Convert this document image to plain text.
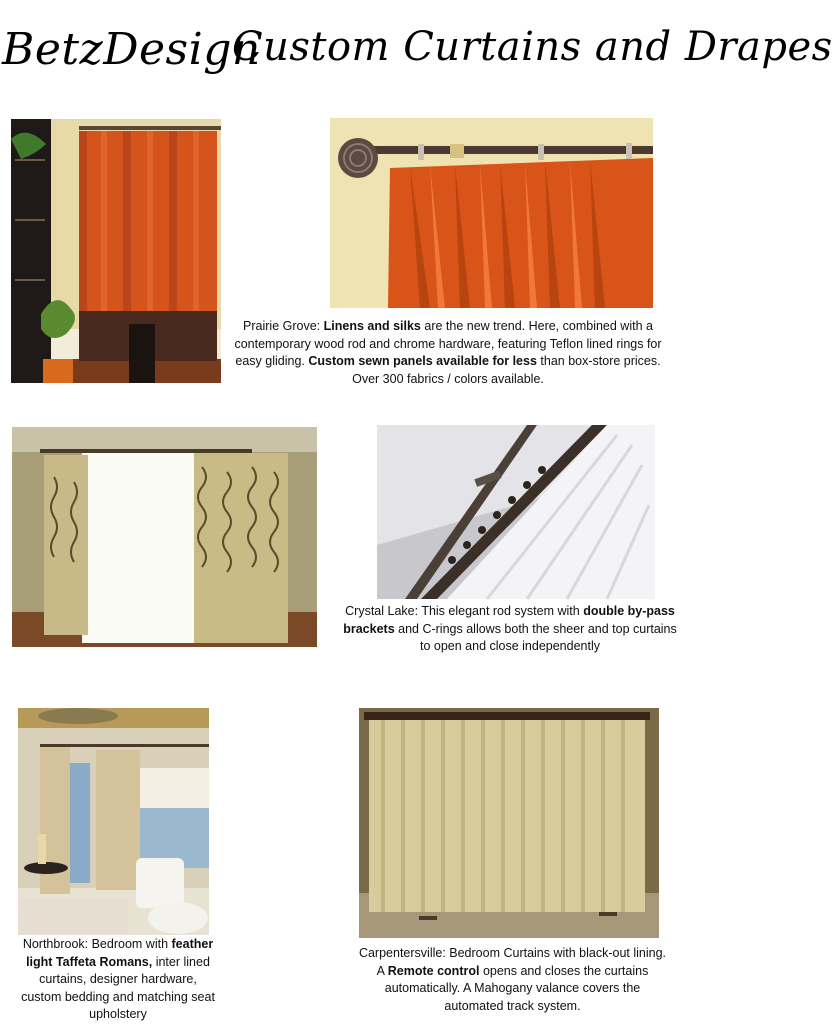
BetzDesign
Custom Curtains and Drapes
Prairie Grove: Linens and silks are the new trend. Here, combined with a contemporary wood rod and chrome hardware, featuring Teflon lined rings for easy gliding. Custom sewn panels available for less than box-store prices. Over 300 fabrics / colors available.
Crystal Lake: This elegant rod system with double by-pass brackets and C-rings allows both the sheer and top curtains to open and close independently
Northbrook: Bedroom with feather light Taffeta Romans, inter lined curtains, designer hardware, custom bedding and matching seat upholstery
Carpentersville: Bedroom Curtains with black-out lining. A Remote control opens and closes the curtains automatically. A Mahogany valance covers the automated track system.
